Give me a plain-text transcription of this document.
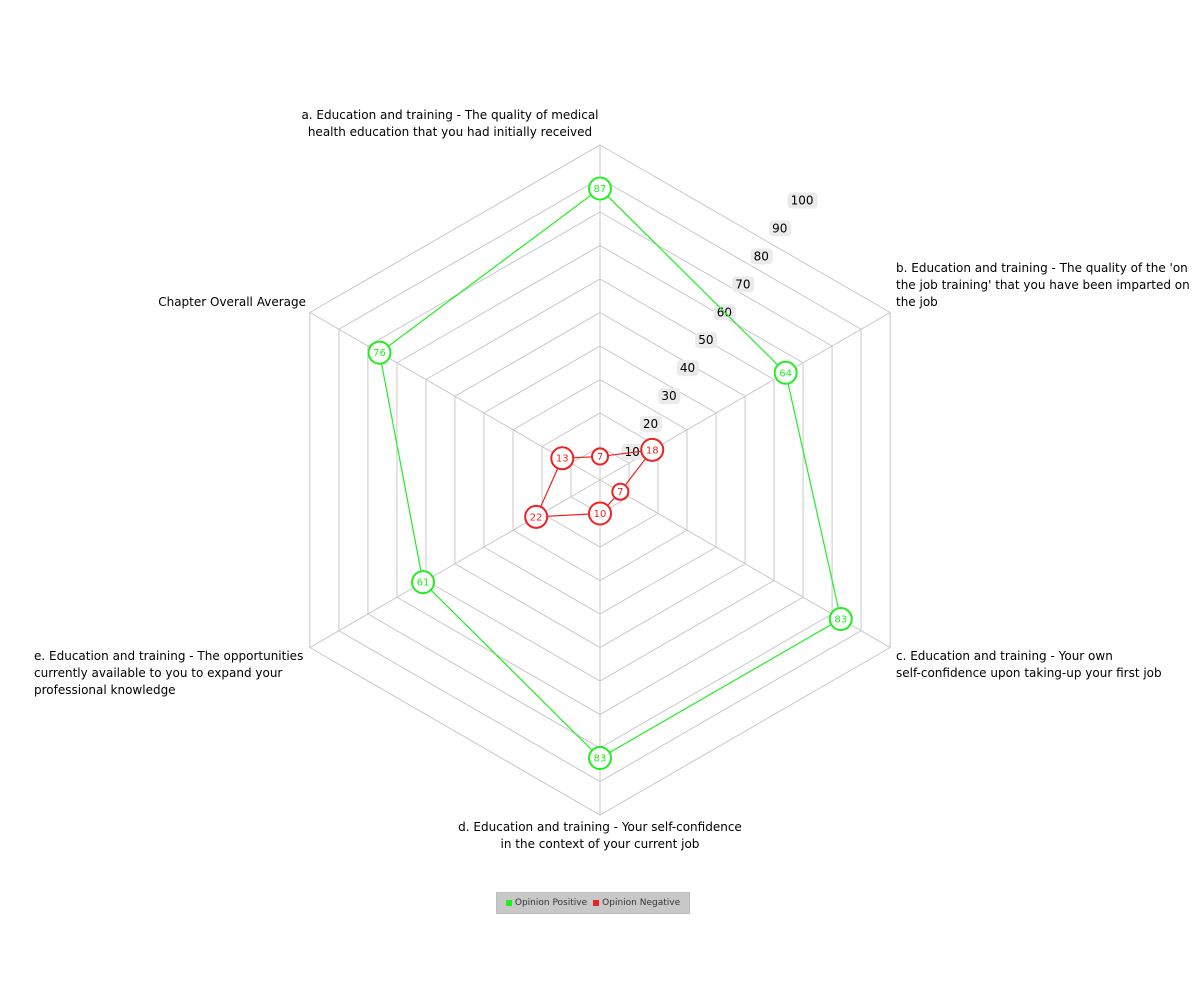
10
20
30
40
50
60
70
80
90
100
87
64
83
83
61
76
7
18
7
10
22
13
a. Education and training - The quality of medical
health education that you had initially received
b. Education and training - The quality of the 'on
the job training' that you have been imparted on
the job
c. Education and training - Your own
self-confidence upon taking-up your first job
d. Education and training - Your self-confidence
in the context of your current job
e. Education and training - The opportunities
currently available to you to expand your
professional knowledge
Chapter Overall Average
Opinion Positive Opinion Negative
